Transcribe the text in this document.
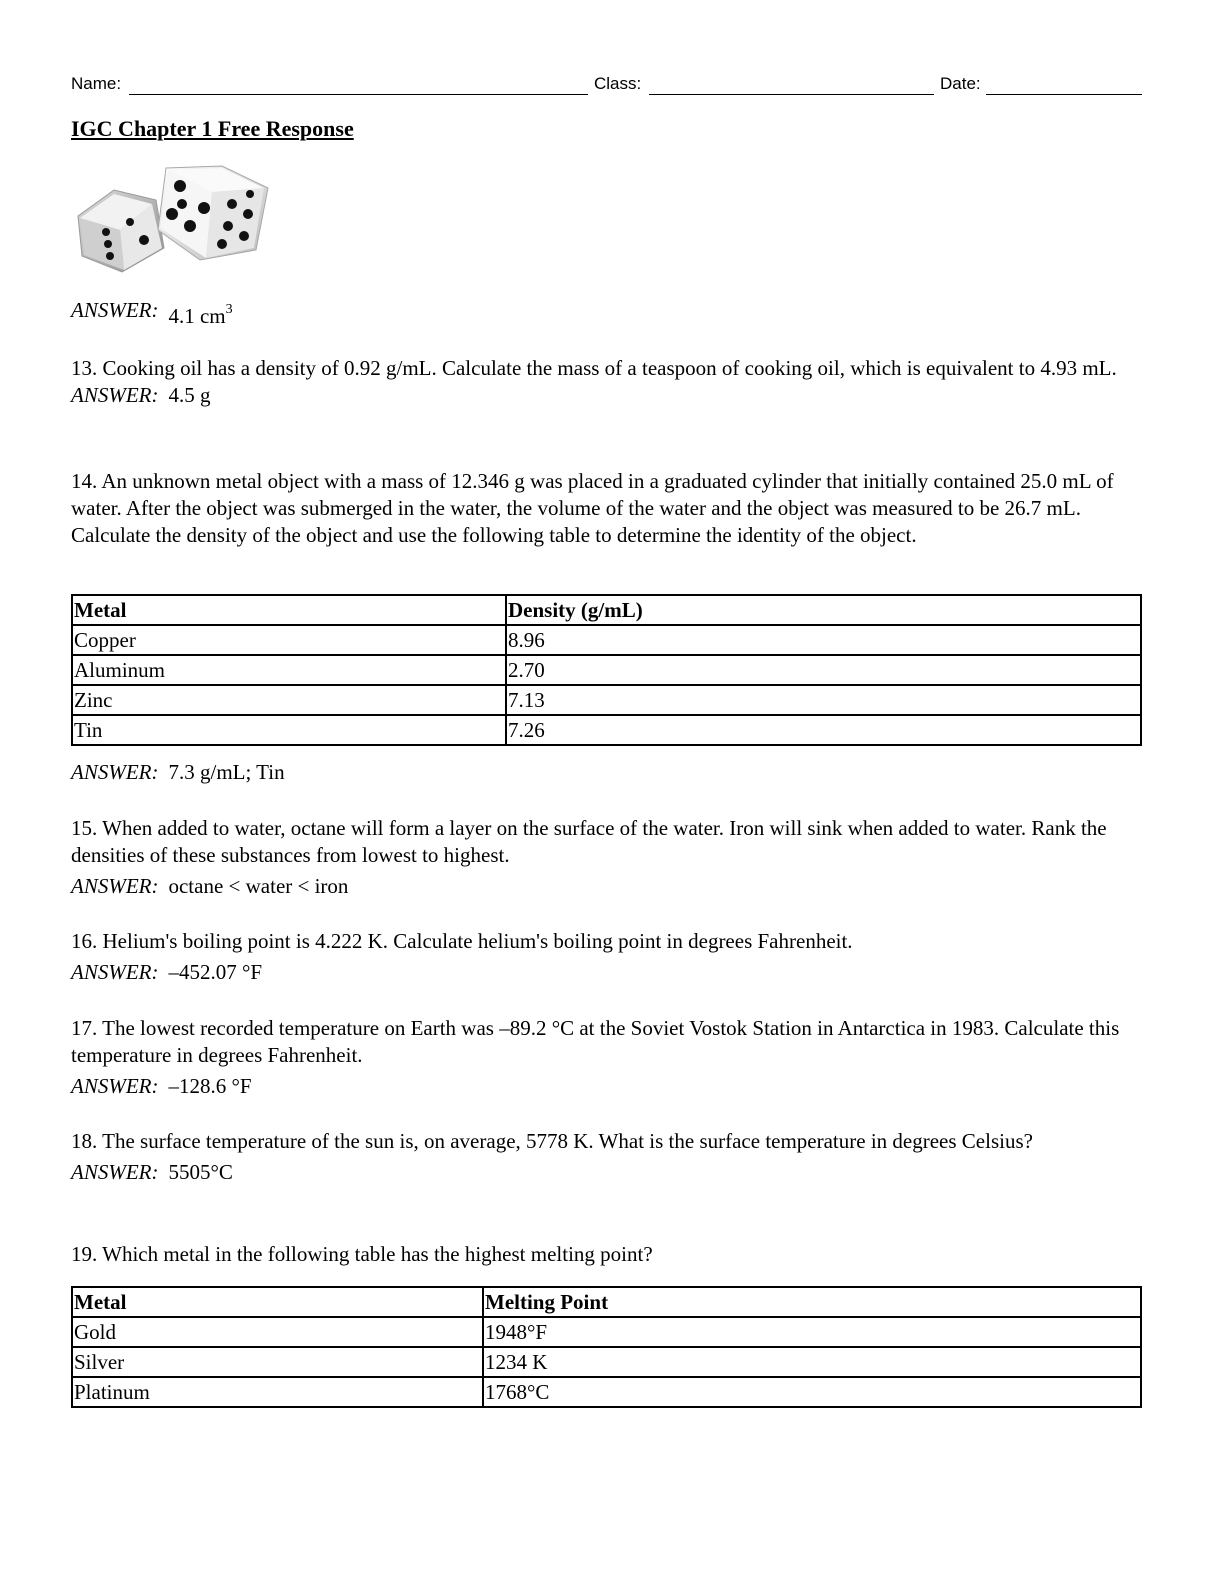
Name:	Class:	Date:
IGC Chapter 1 Free Response
ANSWER: 4.1 $cm^3$
13. Cooking oil has a density of 0.92 g/mL. Calculate the mass of a teaspoon of cooking oil, which is equivalent to 4.93 mL.
ANSWER: 4.5 g
14. An unknown metal object with a mass of 12.346 g was placed in a graduated cylinder that initially contained 25.0 mL of water. After the object was submerged in the water, the volume of the water and the object was measured to be 26.7 mL. Calculate the density of the object and use the following table to determine the identity of the object.
Metal	Density (g/mL)
Copper	8.96
Aluminum	2.70
Zinc	7.13
Tin	7.26
ANSWER: 7.3 g/mL; Tin
15. When added to water, octane will form a layer on the surface of the water. Iron will sink when added to water. Rank the densities of these substances from lowest to highest.
ANSWER: octane < water < iron
16. Helium's boiling point is 4.222 K. Calculate helium's boiling point in degrees Fahrenheit.
ANSWER: –452.07 °F
17. The lowest recorded temperature on Earth was –89.2 °C at the Soviet Vostok Station in Antarctica in 1983. Calculate this temperature in degrees Fahrenheit.
ANSWER: –128.6 °F
18. The surface temperature of the sun is, on average, 5778 K. What is the surface temperature in degrees Celsius?
ANSWER: 5505°C
19. Which metal in the following table has the highest melting point?
Metal	Melting Point
Gold	1948°F
Silver	1234 K
Platinum	1768°C
